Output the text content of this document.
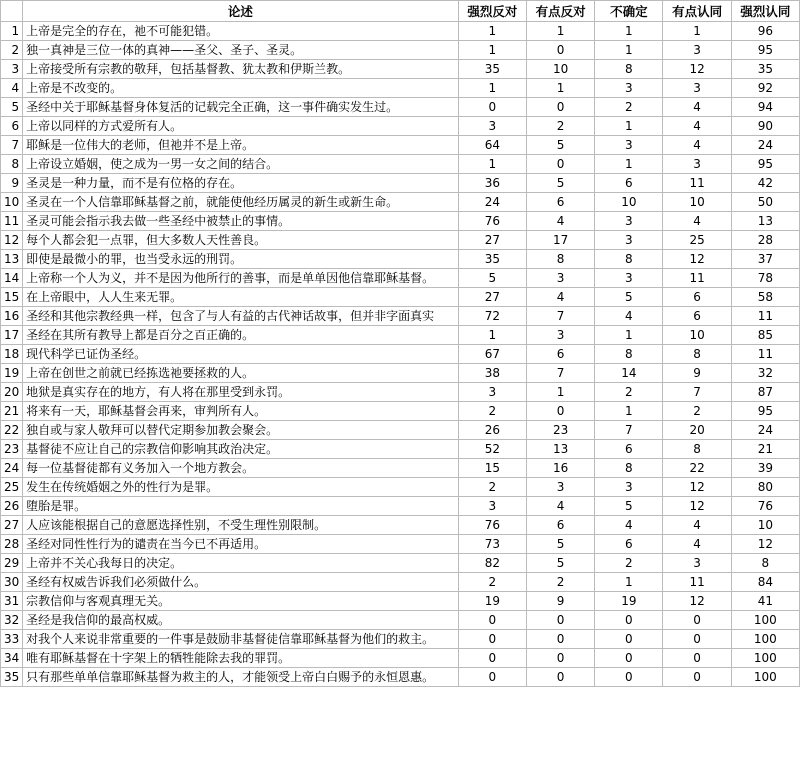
	论述	强烈反对	有点反对	不确定	有点认同	强烈认同
1	上帝是完全的存在，祂不可能犯错。	1	1	1	1	96
2	独一真神是三位一体的真神——圣父、圣子、圣灵。	1	0	1	3	95
3	上帝接受所有宗教的敬拜，包括基督教、犹太教和伊斯兰教。	35	10	8	12	35
4	上帝是不改变的。	1	1	3	3	92
5	圣经中关于耶稣基督身体复活的记载完全正确，这一事件确实发生过。	0	0	2	4	94
6	上帝以同样的方式爱所有人。	3	2	1	4	90
7	耶稣是一位伟大的老师，但祂并不是上帝。	64	5	3	4	24
8	上帝设立婚姻，使之成为一男一女之间的结合。	1	0	1	3	95
9	圣灵是一种力量，而不是有位格的存在。	36	5	6	11	42
10	圣灵在一个人信靠耶稣基督之前，就能使他经历属灵的新生或新生命。	24	6	10	10	50
11	圣灵可能会指示我去做一些圣经中被禁止的事情。	76	4	3	4	13
12	每个人都会犯一点罪，但大多数人天性善良。	27	17	3	25	28
13	即使是最微小的罪，也当受永远的刑罚。	35	8	8	12	37
14	上帝称一个人为义，并不是因为他所行的善事，而是单单因他信靠耶稣基督。	5	3	3	11	78
15	在上帝眼中，人人生来无罪。	27	4	5	6	58
16	圣经和其他宗教经典一样，包含了与人有益的古代神话故事，但并非字面真实	72	7	4	6	11
17	圣经在其所有教导上都是百分之百正确的。	1	3	1	10	85
18	现代科学已证伪圣经。	67	6	8	8	11
19	上帝在创世之前就已经拣选祂要拯救的人。	38	7	14	9	32
20	地狱是真实存在的地方，有人将在那里受到永罚。	3	1	2	7	87
21	将来有一天，耶稣基督会再来，审判所有人。	2	0	1	2	95
22	独自或与家人敬拜可以替代定期参加教会聚会。	26	23	7	20	24
23	基督徒不应让自己的宗教信仰影响其政治决定。	52	13	6	8	21
24	每一位基督徒都有义务加入一个地方教会。	15	16	8	22	39
25	发生在传统婚姻之外的性行为是罪。	2	3	3	12	80
26	堕胎是罪。	3	4	5	12	76
27	人应该能根据自己的意愿选择性别，不受生理性别限制。	76	6	4	4	10
28	圣经对同性性行为的谴责在当今已不再适用。	73	5	6	4	12
29	上帝并不关心我每日的决定。	82	5	2	3	8
30	圣经有权威告诉我们必须做什么。	2	2	1	11	84
31	宗教信仰与客观真理无关。	19	9	19	12	41
32	圣经是我信仰的最高权威。	0	0	0	0	100
33	对我个人来说非常重要的一件事是鼓励非基督徒信靠耶稣基督为他们的救主。	0	0	0	0	100
34	唯有耶稣基督在十字架上的牺牲能除去我的罪罚。	0	0	0	0	100
35	只有那些单单信靠耶稣基督为救主的人，才能领受上帝白白赐予的永恒恩惠。	0	0	0	0	100
